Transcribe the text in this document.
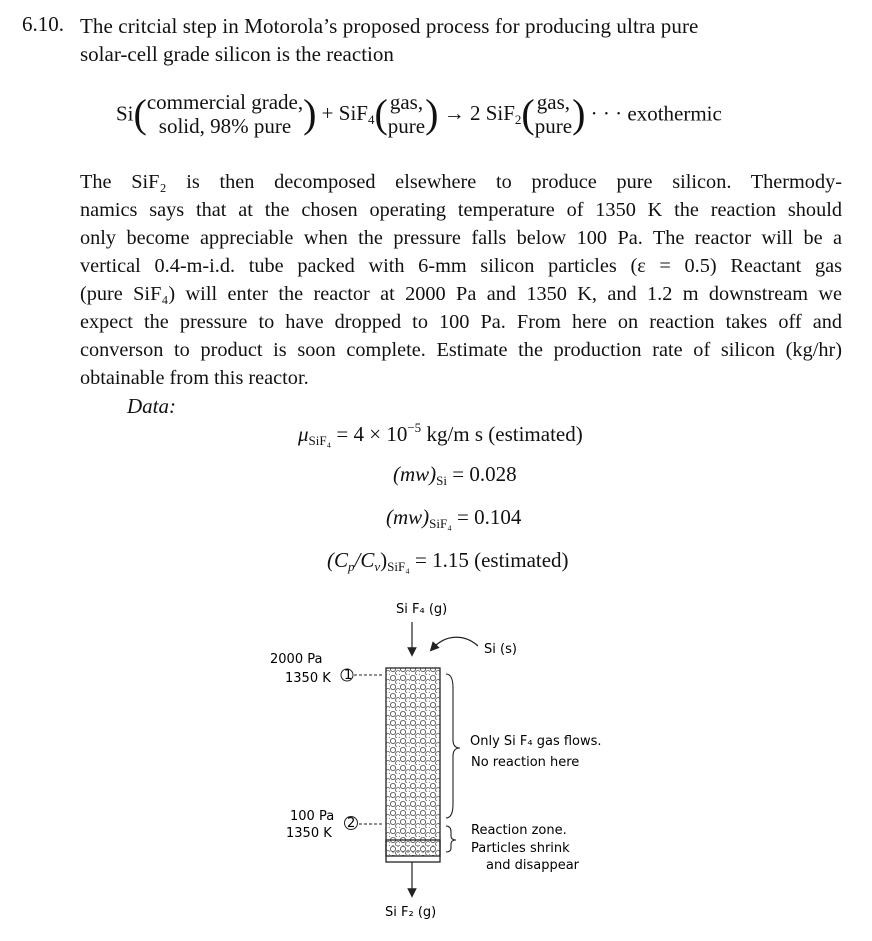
6.10. The critcial step in Motorola’s proposed process for producing ultra pure
solar-cell grade silicon is the reaction
Si(commercial grade,
solid, 98% pure ) + SiF$_4$(gas,
pure) → 2 SiF$_2$(gas,
pure) · · · exothermic

The SiF₂ is then decomposed elsewhere to produce pure silicon. Thermody-

namics says that at the chosen operating temperature of 1350 K the reaction should

only become appreciable when the pressure falls below 100 Pa. The reactor will be a

vertical 0.4-m-i.d. tube packed with 6-mm silicon particles (ε = 0.5) Reactant gas

(pure SiF₄) will enter the reactor at 2000 Pa and 1350 K, and 1.2 m downstream we

expect the pressure to have dropped to 100 Pa. From here on reaction takes off and

converson to product is soon complete. Estimate the production rate of silicon (kg/hr)

obtainable from this reactor.

Data:
$\mu_{SiF_4} = 4 \times 10^{-5}$ kg/m s (estimated)
$(mw)_{Si} = 0.028$
$(mw)_{SiF_4} = 0.104$
$(C_p/C_v)_{SiF_4} = 1.15$ (estimated)
Si F₄ (g)
Si (s)
2000 Pa
1350 K 1
100 Pa
1350 K
2
Only Si F₄ gas flows.
No reaction here
Reaction zone.
Particles shrink
and disappear
Si F₂ (g)
